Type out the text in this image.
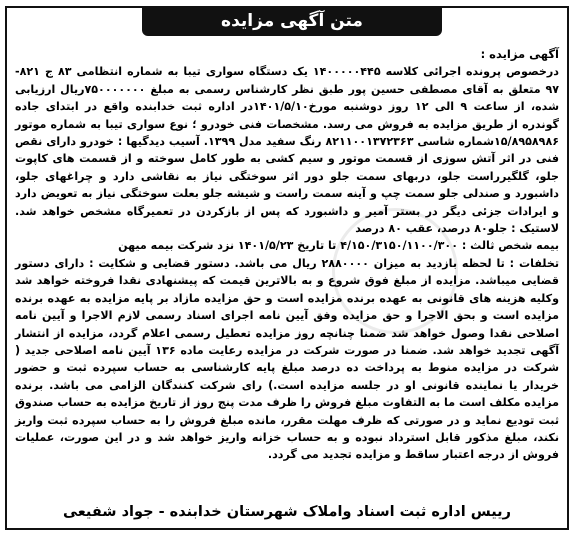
متن آگهی مزایده

آگهی مزایده :

درخصوص پرونده اجرائی کلاسه ۱۴۰۰۰۰۰۴۴۵ یک دستگاه سواری تیبا به شماره انتظامی ۸۳ ج ۸۲۱- ۹۷ متعلق به آقای مصطفی حسین پور طبق نظر کارشناس رسمی به مبلغ ۷۵۰۰۰۰۰۰۰ریال ارزیابی شده، از ساعت ۹ الی ۱۲ روز دوشنبه مورخ۱۴۰۱/۵/۱۰در اداره ثبت خدابنده واقع در ابتدای جاده گوندره از طریق مزایده به فروش می رسد. مشخصات فنی خودرو ؛ نوع سواری تیبا به شماره موتور ۱۵/۸۹۵۸۹۸۶شماره شاسی ۸۲۱۱۰۰۱۳۷۲۳۶۳ رنگ سفید مدل ۱۳۹۹. آسیب دیدگیها : خودرو دارای نقص فنی در اثر آتش سوزی از قسمت موتور و سیم کشی به طور کامل سوخته و از قسمت های کاپوت جلو، گلگیرراست جلو، دربهای سمت جلو دور اثر سوختگی نیاز به نقاشی دارد و چراغهای جلو، داشبورد و صندلی جلو سمت چپ و آینه سمت راست و شیشه جلو بعلت سوختگی نیاز به تعویض دارد و ایرادات جزئی دیگر در بستر آمیر و داشبورد که پس از بازکردن در تعمیرگاه مشخص خواهد شد. لاستیک : جلو۸۰ درصد، عقب ۸۰ درصد

بیمه شخص ثالث : ۴/۱۵۰/۳۱۵۰/۱۱۰۰/۳۰۰ تا تاریخ ۱۴۰۱/۵/۲۳ نزد شرکت بیمه میهن

تخلفات : تا لحظه بازدید به میزان ۲۸۸۰۰۰۰ ریال می باشد. دستور قضایی و شکایت : دارای دستور قضایی میباشد. مزایده از مبلغ فوق شروع و به بالاترین قیمت که پیشنهادی نقدا فروخته خواهد شد وکلیه هزینه های قانونی به عهده برنده مزایده است و حق مزایده مازاد بر پایه مزایده به عهده برنده مزایده است و بحق الاجرا و حق مزایده وفق آیین نامه اجرای اسناد رسمی لازم الاجرا و آیین نامه اصلاحی نقدا وصول خواهد شد ضمنا چنانچه روز مزایده تعطیل رسمی اعلام گردد، مزایده از انتشار آگهی تجدید خواهد شد. ضمنا در صورت شرکت در مزایده رعایت ماده ۱۳۶ آیین نامه اصلاحی جدید ( شرکت در مزایده منوط به پرداخت ده درصد مبلغ پایه کارشناسی به حساب سپرده ثبت و حضور خریدار یا نماینده قانونی او در جلسه مزایده است.) رای شرکت کنندگان الزامی می باشد. برنده مزایده مکلف است ما به التفاوت مبلغ فروش را ظرف مدت پنج روز از تاریخ مزایده به حساب صندوق ثبت تودیع نماید و در صورتی که ظرف مهلت مقرر، مانده مبلغ فروش را به حساب سپرده ثبت واریز نکند، مبلغ مذکور قابل استرداد نبوده و به حساب خزانه واریز خواهد شد و در این صورت، عملیات فروش از درجه اعتبار ساقط و مزایده تجدید می گردد.

رییس اداره ثبت اسناد واملاک شهرستان خدابنده - جواد شفیعی
